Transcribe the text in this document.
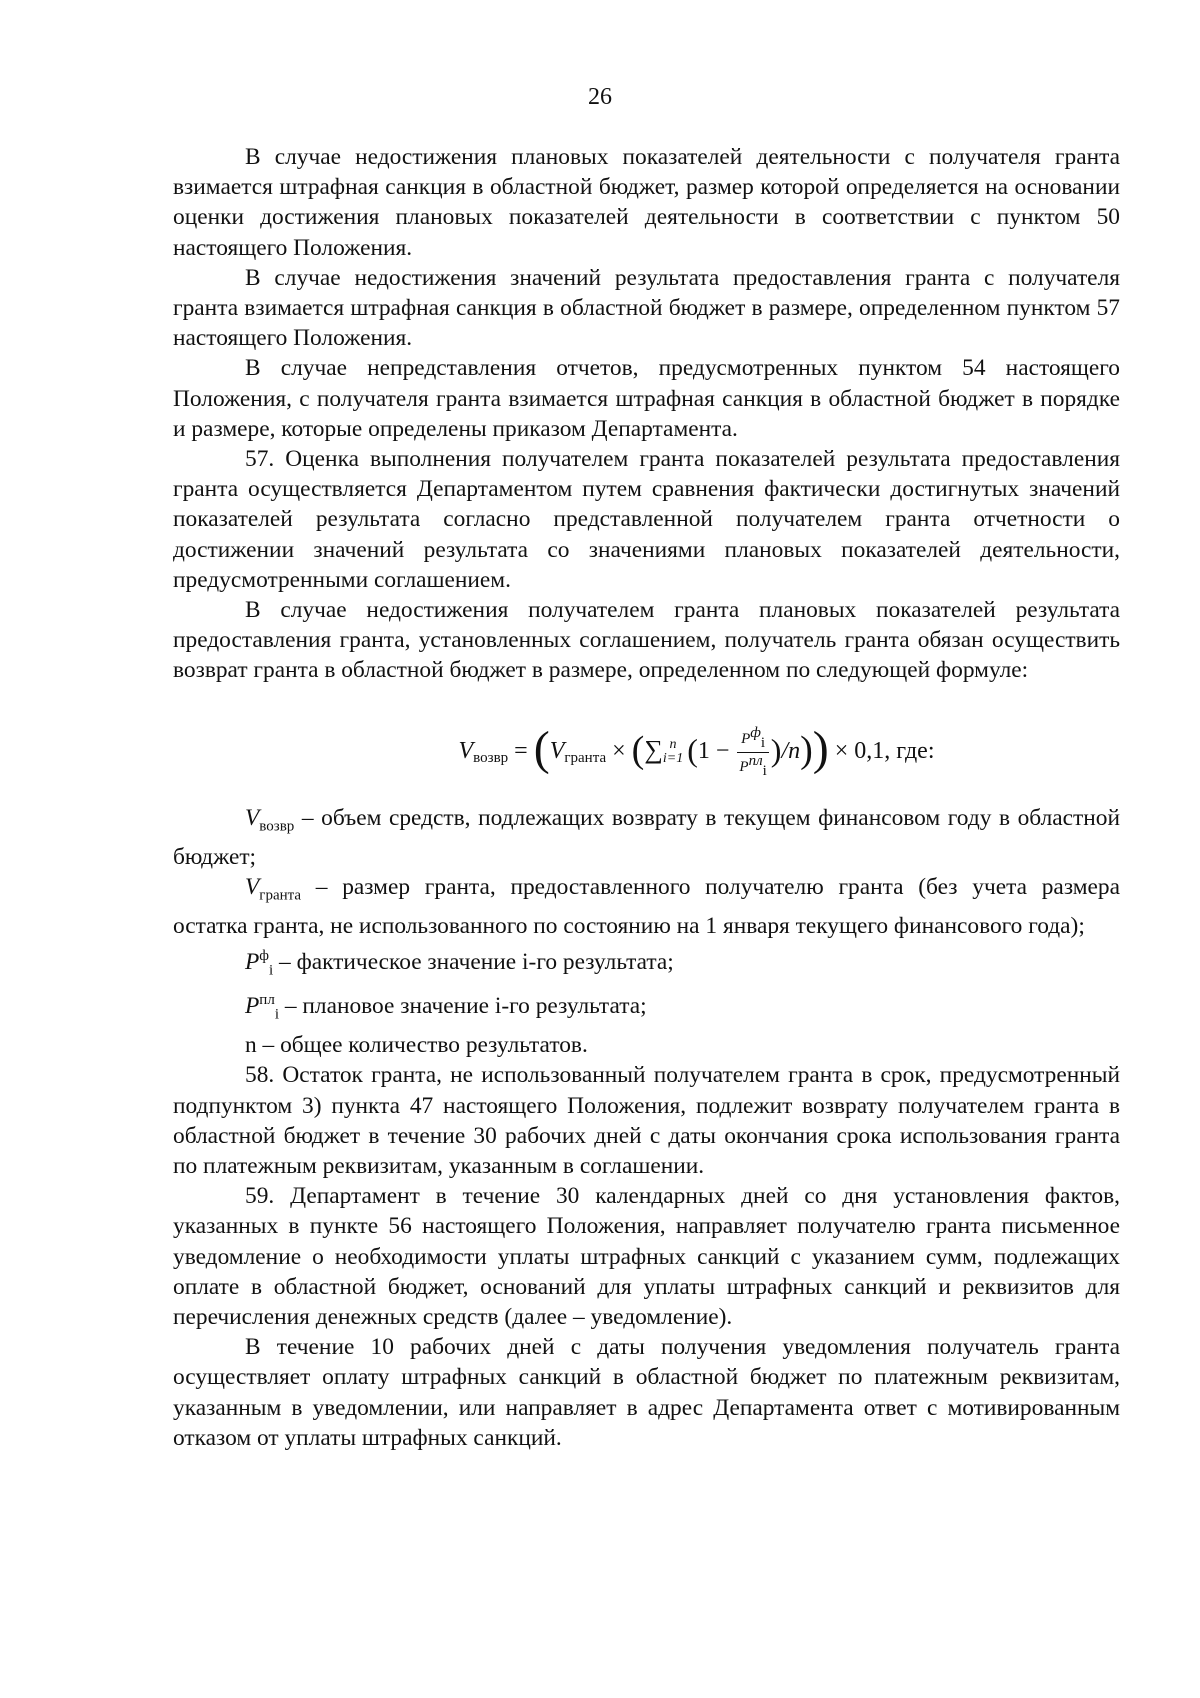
26

В случае недостижения плановых показателей деятельности с получателя гранта взимается штрафная санкция в областной бюджет, размер которой определяется на основании оценки достижения плановых показателей деятельности в соответствии с пунктом 50 настоящего Положения.

В случае недостижения значений результата предоставления гранта с получателя гранта взимается штрафная санкция в областной бюджет в размере, определенном пунктом 57 настоящего Положения.

В случае непредставления отчетов, предусмотренных пунктом 54 настоящего Положения, с получателя гранта взимается штрафная санкция в областной бюджет в порядке и размере, которые определены приказом Департамента.

57. Оценка выполнения получателем гранта показателей результата предоставления гранта осуществляется Департаментом путем сравнения фактически достигнутых значений показателей результата согласно представленной получателем гранта отчетности о достижении значений результата со значениями плановых показателей деятельности, предусмотренными соглашением.

В случае недостижения получателем гранта плановых показателей результата предоставления гранта, установленных соглашением, получатель гранта обязан осуществить возврат гранта в областной бюджет в размере, определенном по следующей формуле:

$V_{возвр} = (V_{гранта}$ × (∑ n
i=1 $(1 - \frac{P^ф_i}{P^{пл}_i} )/n)) \times 0,1$, где:

$V_{возвр}$ – объем средств, подлежащих возврату в текущем финансовом году в областной бюджет;

$V_{гранта}$ – размер гранта, предоставленного получателю гранта (без учета размера остатка гранта, не использованного по состоянию на 1 января текущего финансового года);

$P^ф_i$ – фактическое значение i-го результата;

$P^{пл}_i$ – плановое значение i-го результата;

n – общее количество результатов.

58. Остаток гранта, не использованный получателем гранта в срок, предусмотренный подпунктом 3) пункта 47 настоящего Положения, подлежит возврату получателем гранта в областной бюджет в течение 30 рабочих дней с даты окончания срока использования гранта по платежным реквизитам, указанным в соглашении.

59. Департамент в течение 30 календарных дней со дня установления фактов, указанных в пункте 56 настоящего Положения, направляет получателю гранта письменное уведомление о необходимости уплаты штрафных санкций с указанием сумм, подлежащих оплате в областной бюджет, оснований для уплаты штрафных санкций и реквизитов для перечисления денежных средств (далее – уведомление).

В течение 10 рабочих дней с даты получения уведомления получатель гранта осуществляет оплату штрафных санкций в областной бюджет по платежным реквизитам, указанным в уведомлении, или направляет в адрес Департамента ответ с мотивированным отказом от уплаты штрафных санкций.
